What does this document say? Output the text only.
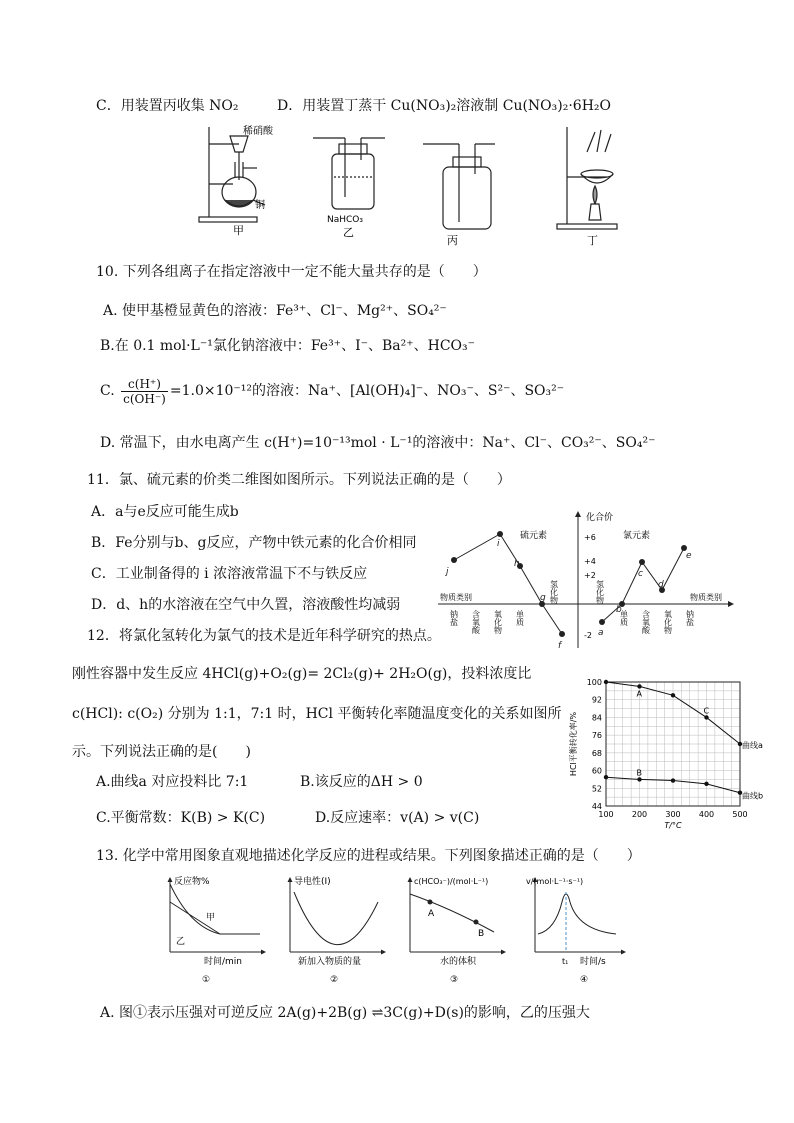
C．用装置丙收集 NO₂	D．用装置丁蒸干 Cu(NO₃)₂溶液制 Cu(NO₃)₂·6H₂O
稀硝酸
铜
甲
NaHCO₃
乙
丙	丁
10. 下列各组离子在指定溶液中一定不能大量共存的是（　　）
A. 使甲基橙显黄色的溶液：Fe³⁺、Cl⁻、Mg²⁺、SO₄²⁻
B.在 0.1 mol·L⁻¹氯化钠溶液中：Fe³⁺、I⁻、Ba²⁺、HCO₃⁻
C. $\frac{c(H^+)}{c(OH^-)} =1.0\times 10^{-12}$的溶液：Na⁺、[Al(OH)₄]⁻、NO₃⁻、S²⁻、SO₃²⁻
D. 常温下，由水电离产生 c(H⁺)=10⁻¹³mol · L⁻¹的溶液中：Na⁺、Cl⁻、CO₃²⁻、SO₄²⁻
11．氯、硫元素的价类二维图如图所示。下列说法正确的是（　　）
A．a与e反应可能生成b
B．Fe分别与b、g反应，产物中铁元素的化合价相同
C．工业制备得的 i 浓溶液常温下不与铁反应
D．d、h的水溶液在空气中久置，溶液酸性均减弱
化合价
物质类别	物质类别
硫元素	氯元素
+6
+4
+2
-2
氢化物	氢化物
钠盐 含氧酸 氧化物 单质	单质 含氧酸 氧化物 钠盐
j
i
h
g
f
a
b
c
d
e
12．将氯化氢转化为氯气的技术是近年科学研究的热点。
刚性容器中发生反应 4HCl(g)+O₂(g)= 2Cl₂(g)+ 2H₂O(g)，投料浓度比
c(HCl): c(O₂) 分别为 1:1，7:1 时，HCl 平衡转化率随温度变化的关系如图所
示。下列说法正确的是(　　)
A.曲线a 对应投料比 7:1	B.该反应的ΔH > 0
C.平衡常数：K(B) > K(C)	D.反应速率：v(A) > v(C)
44
52
60
68
76
84
92
100
100 200 300 400 500
T/°C
HCl平衡转化率/%	曲线a
曲线b
A
B
C
13. 化学中常用图象直观地描述化学反应的进程或结果。下列图象描述正确的是（　　）
反应物%
时间/min
甲
乙
①
导电性(I)
新加入物质的量
②
c(HCO₃⁻)/(mol·L⁻¹)
水的体积
A
B
③
v/(mol·L⁻¹·s⁻¹)
时间/s
t₁
④
A. 图①表示压强对可逆反应 2A(g)+2B(g) ⇌3C(g)+D(s)的影响，乙的压强大
